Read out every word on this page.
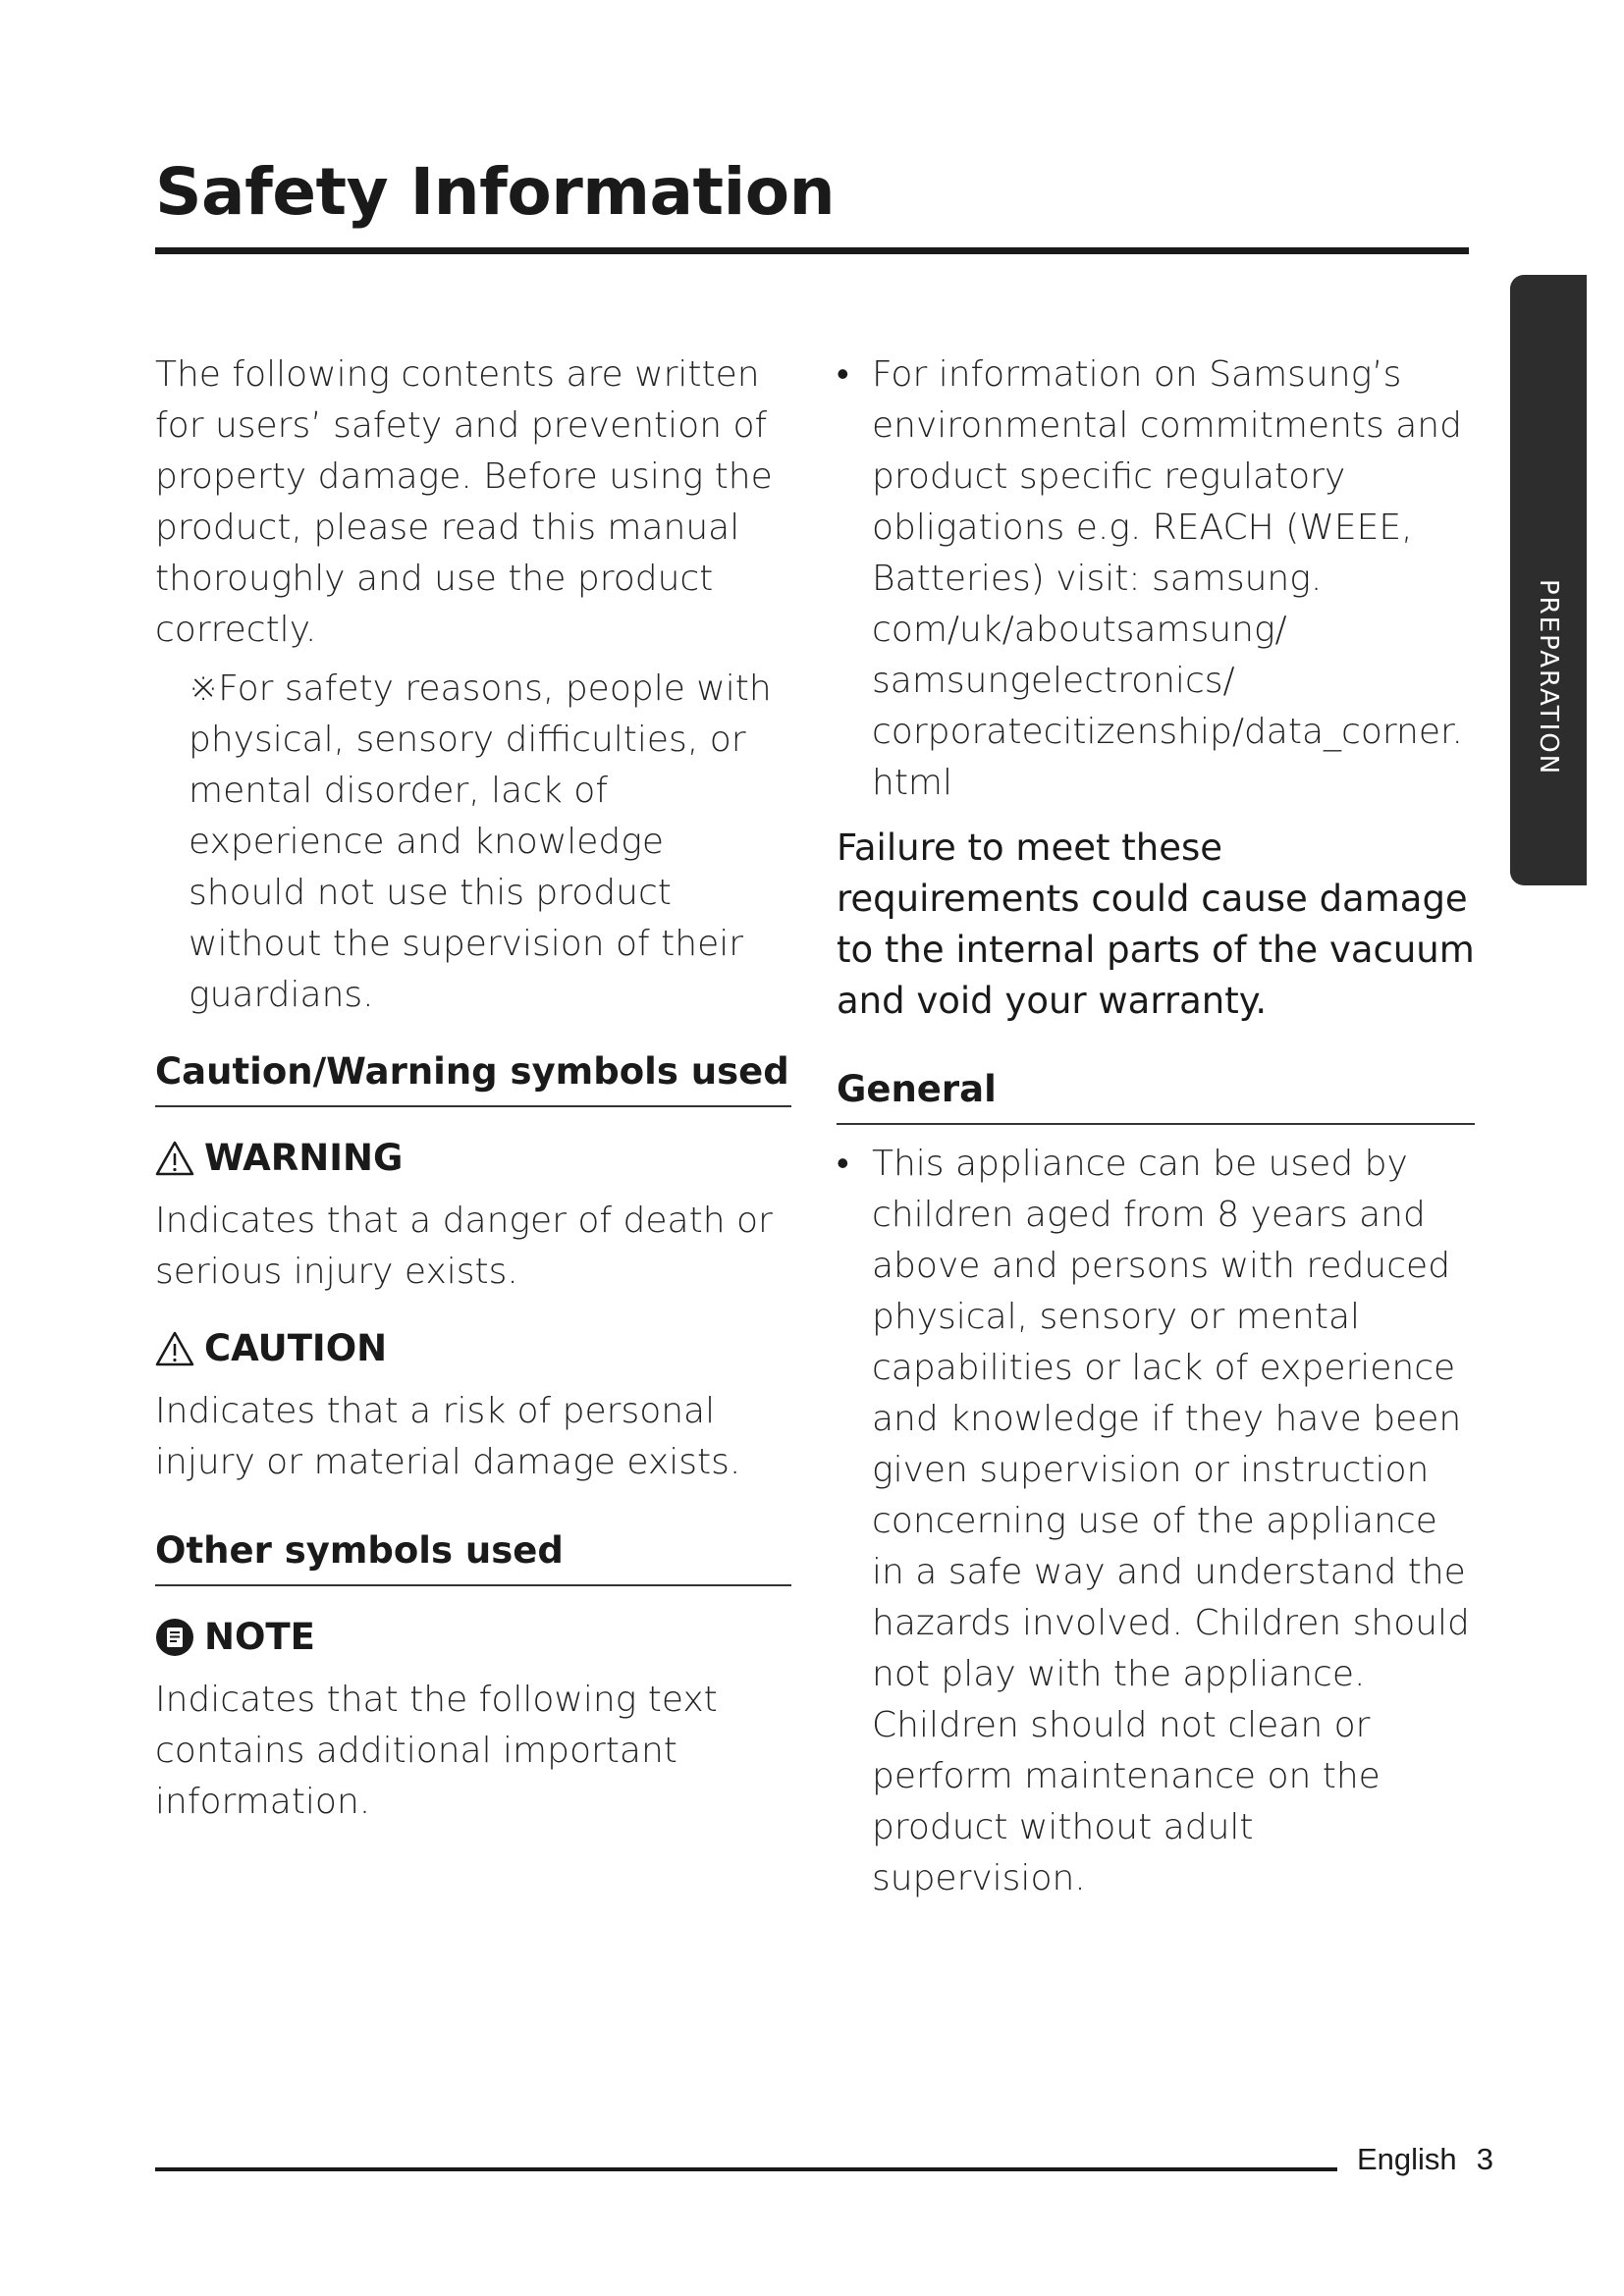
Safety Information
PREPARATION

The following contents are written for users’ safety and prevention of property damage. Before using the product, please read this manual thoroughly and use the product correctly.

※For safety reasons, people with physical, sensory difficulties, or mental disorder, lack of experience and knowledge should not use this product without the supervision of their guardians.

Caution/Warning symbols used

WARNING

Indicates that a danger of death or serious injury exists.

CAUTION

Indicates that a risk of personal injury or material damage exists.

Other symbols used

NOTE

Indicates that the following text contains additional important information.

• For information on Samsung’s environmental commitments and product specific regulatory obligations e.g. REACH (WEEE, Batteries) visit: samsung. com/uk/aboutsamsung/ samsungelectronics/ corporatecitizenship/data_corner. html

Failure to meet these requirements could cause damage to the internal parts of the vacuum and void your warranty.

General

• This appliance can be used by children aged from 8 years and above and persons with reduced physical, sensory or mental capabilities or lack of experience and knowledge if they have been given supervision or instruction concerning use of the appliance in a safe way and understand the hazards involved. Children should not play with the appliance. Children should not clean or perform maintenance on the product without adult supervision.
English 3
